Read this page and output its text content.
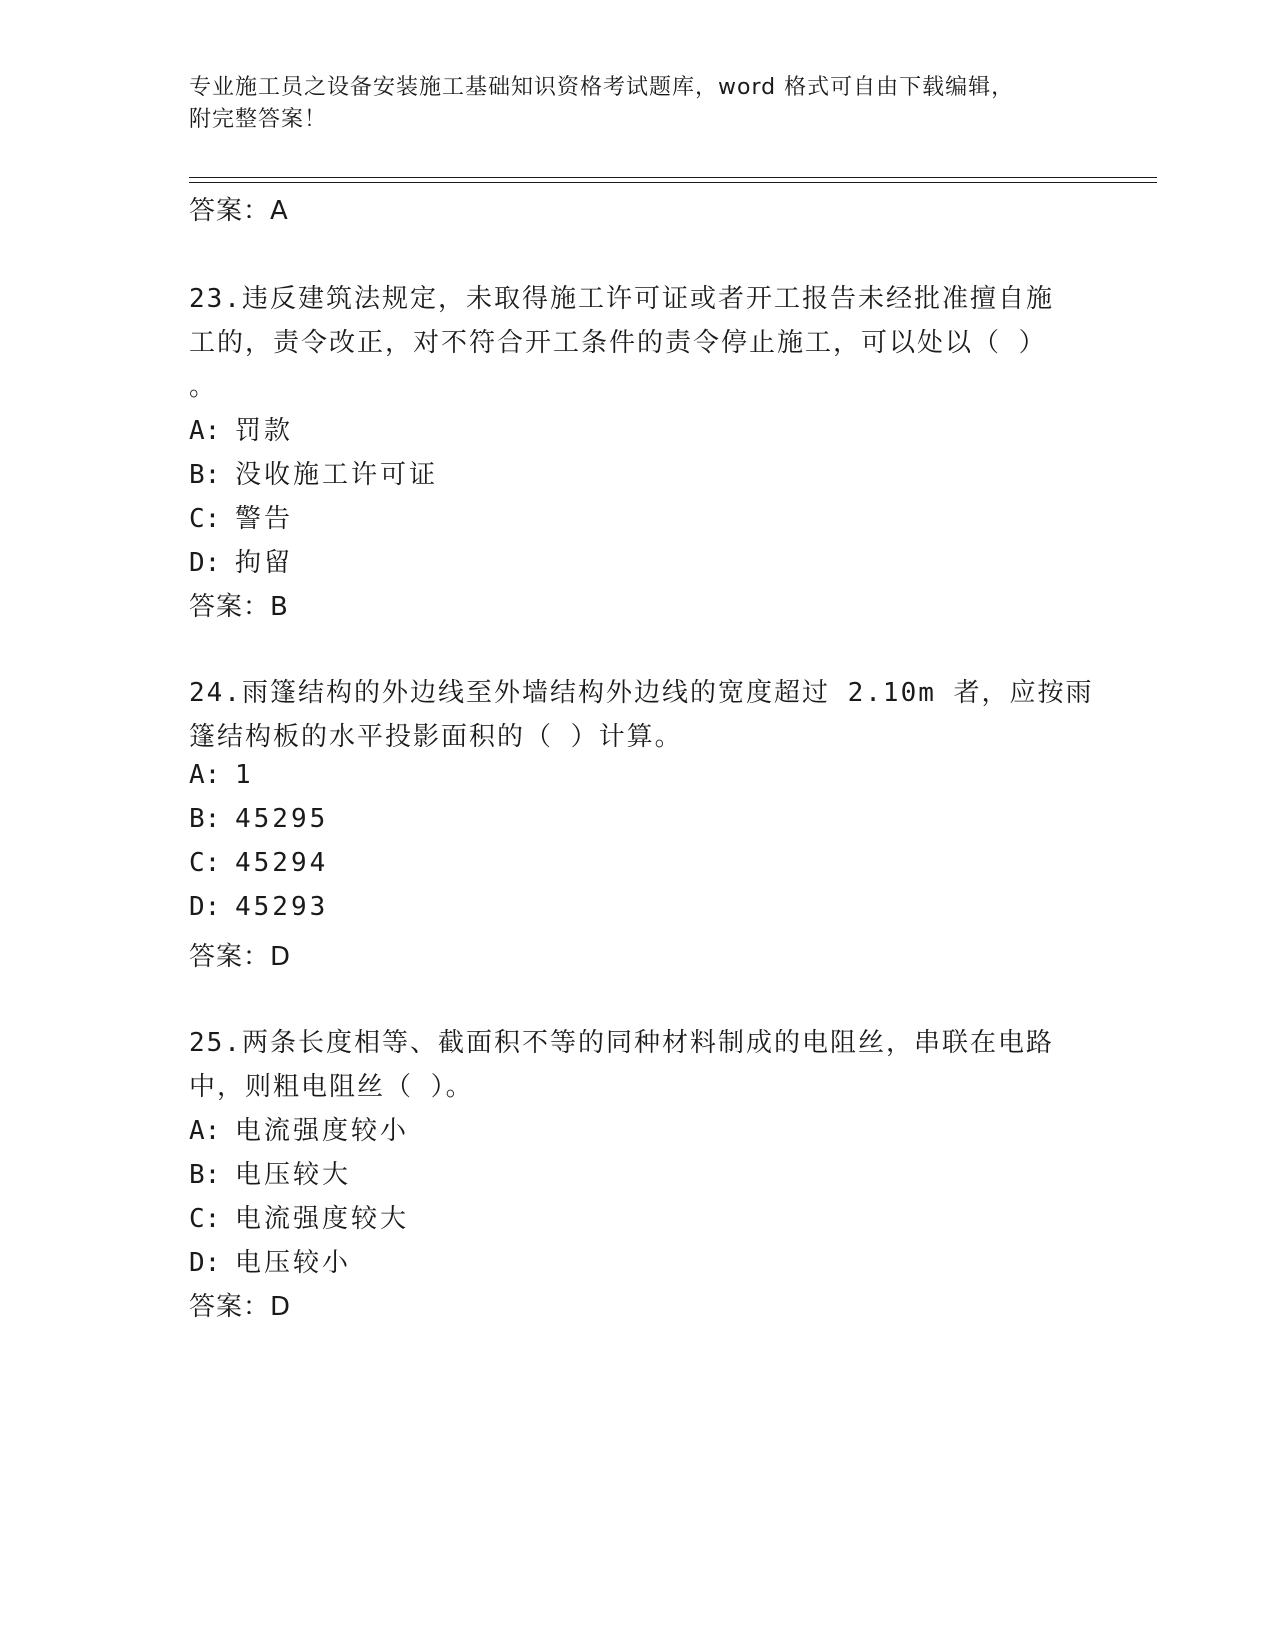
专业施工员之设备安装施工基础知识资格考试题库，word 格式可自由下载编辑，
附完整答案！
答案：A
23.违反建筑法规定，未取得施工许可证或者开工报告未经批准擅自施
工的，责令改正，对不符合开工条件的责令停止施工，可以处以（ ）
。
A: 罚款
B: 没收施工许可证
C: 警告
D: 拘留
答案：B
24.雨篷结构的外边线至外墙结构外边线的宽度超过 2.10m 者，应按雨
篷结构板的水平投影面积的（ ）计算。
A: 1
B: 45295
C: 45294
D: 45293
答案：D
25.两条长度相等、截面积不等的同种材料制成的电阻丝，串联在电路
中，则粗电阻丝（ ）。
A: 电流强度较小
B: 电压较大
C: 电流强度较大
D: 电压较小
答案：D
